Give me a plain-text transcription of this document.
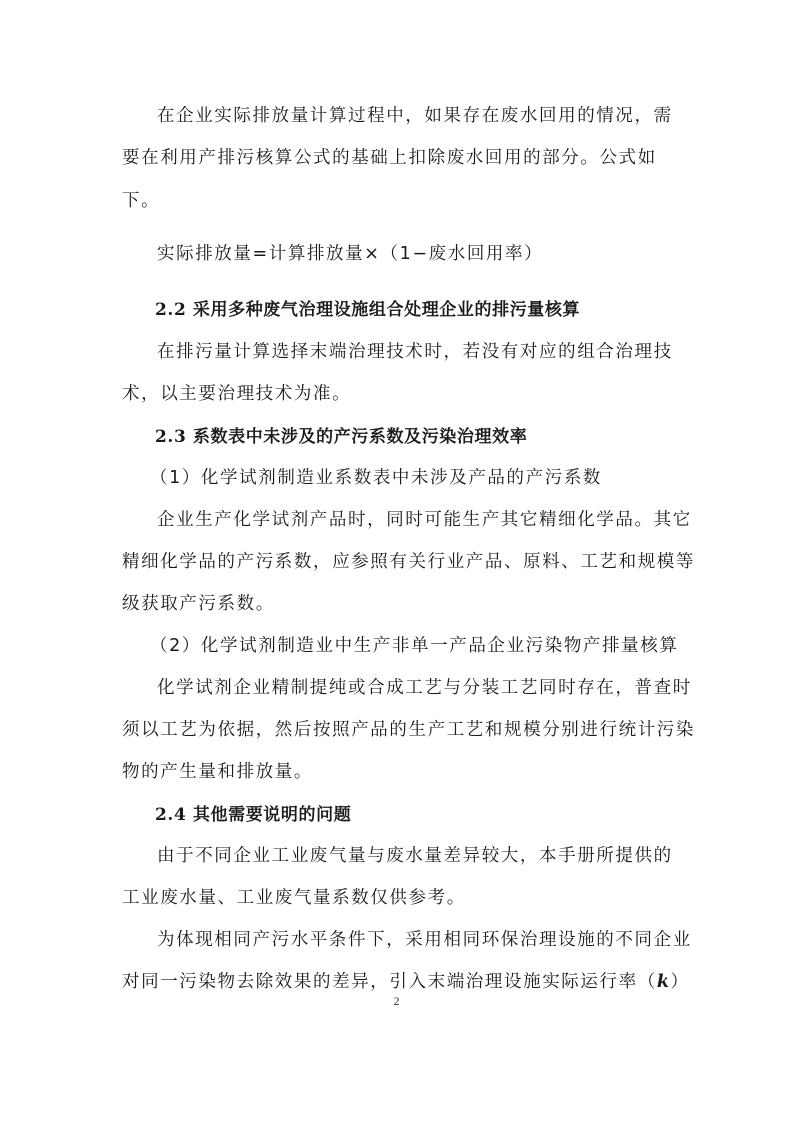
在企业实际排放量计算过程中，如果存在废水回用的情况，需
要在利用产排污核算公式的基础上扣除废水回用的部分。公式如
下。
实际排放量=计算排放量×（1−废水回用率）
2.2 采用多种废气治理设施组合处理企业的排污量核算
在排污量计算选择末端治理技术时，若没有对应的组合治理技
术，以主要治理技术为准。
2.3 系数表中未涉及的产污系数及污染治理效率
（1）化学试剂制造业系数表中未涉及产品的产污系数
企业生产化学试剂产品时，同时可能生产其它精细化学品。其它
精细化学品的产污系数，应参照有关行业产品、原料、工艺和规模等
级获取产污系数。
（2）化学试剂制造业中生产非单一产品企业污染物产排量核算
化学试剂企业精制提纯或合成工艺与分装工艺同时存在，普查时
须以工艺为依据，然后按照产品的生产工艺和规模分别进行统计污染
物的产生量和排放量。
2.4 其他需要说明的问题
由于不同企业工业废气量与废水量差异较大，本手册所提供的
工业废水量、工业废气量系数仅供参考。
为体现相同产污水平条件下，采用相同环保治理设施的不同企业
对同一污染物去除效果的差异，引入末端治理设施实际运行率（k）
2
